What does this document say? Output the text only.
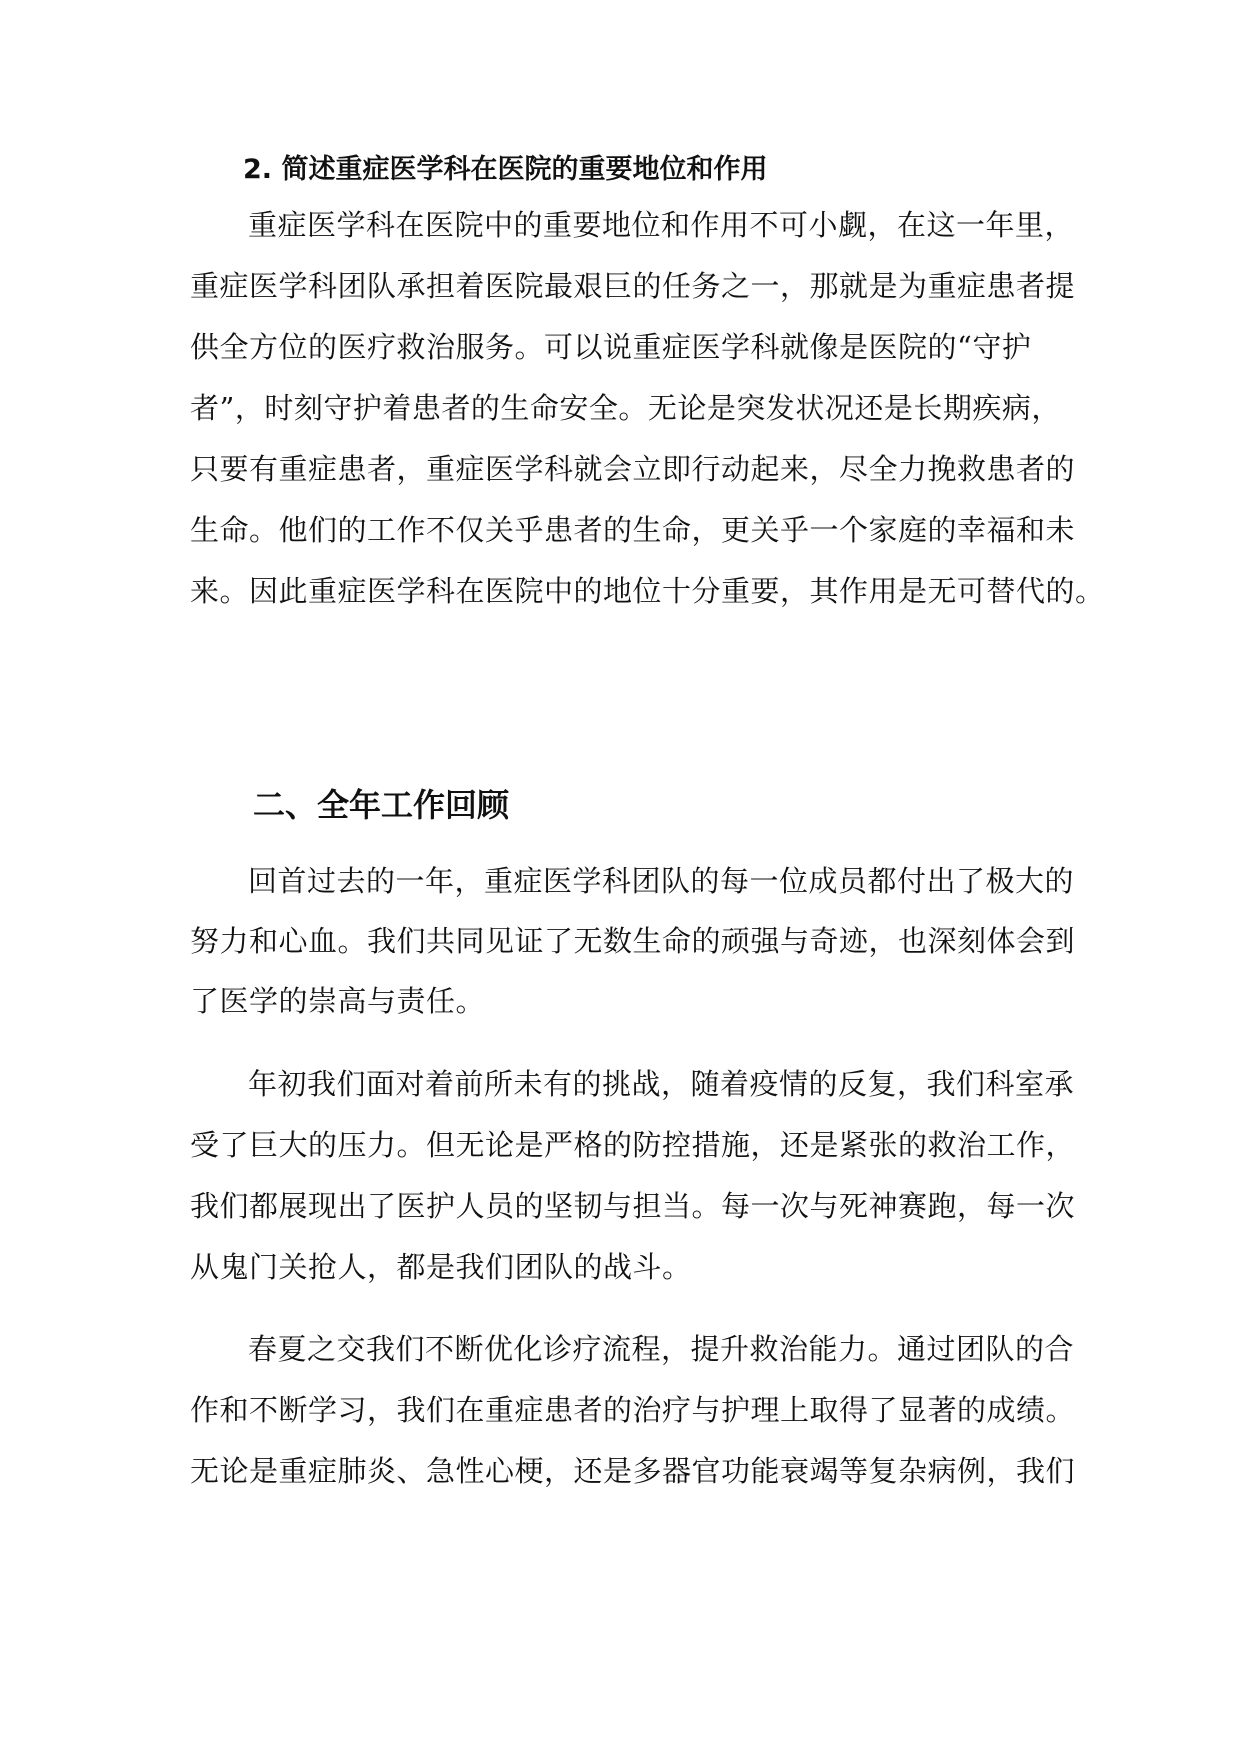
2. 简述重症医学科在医院的重要地位和作用
重症医学科在医院中的重要地位和作用不可小觑，在这一年里，
重症医学科团队承担着医院最艰巨的任务之一，那就是为重症患者提
供全方位的医疗救治服务。可以说重症医学科就像是医院的“守护
者”，时刻守护着患者的生命安全。无论是突发状况还是长期疾病，
只要有重症患者，重症医学科就会立即行动起来，尽全力挽救患者的
生命。他们的工作不仅关乎患者的生命，更关乎一个家庭的幸福和未
来。因此重症医学科在医院中的地位十分重要，其作用是无可替代的。
二、全年工作回顾
回首过去的一年，重症医学科团队的每一位成员都付出了极大的
努力和心血。我们共同见证了无数生命的顽强与奇迹，也深刻体会到
了医学的崇高与责任。
年初我们面对着前所未有的挑战，随着疫情的反复，我们科室承
受了巨大的压力。但无论是严格的防控措施，还是紧张的救治工作，
我们都展现出了医护人员的坚韧与担当。每一次与死神赛跑，每一次
从鬼门关抢人，都是我们团队的战斗。
春夏之交我们不断优化诊疗流程，提升救治能力。通过团队的合
作和不断学习，我们在重症患者的治疗与护理上取得了显著的成绩。
无论是重症肺炎、急性心梗，还是多器官功能衰竭等复杂病例，我们
